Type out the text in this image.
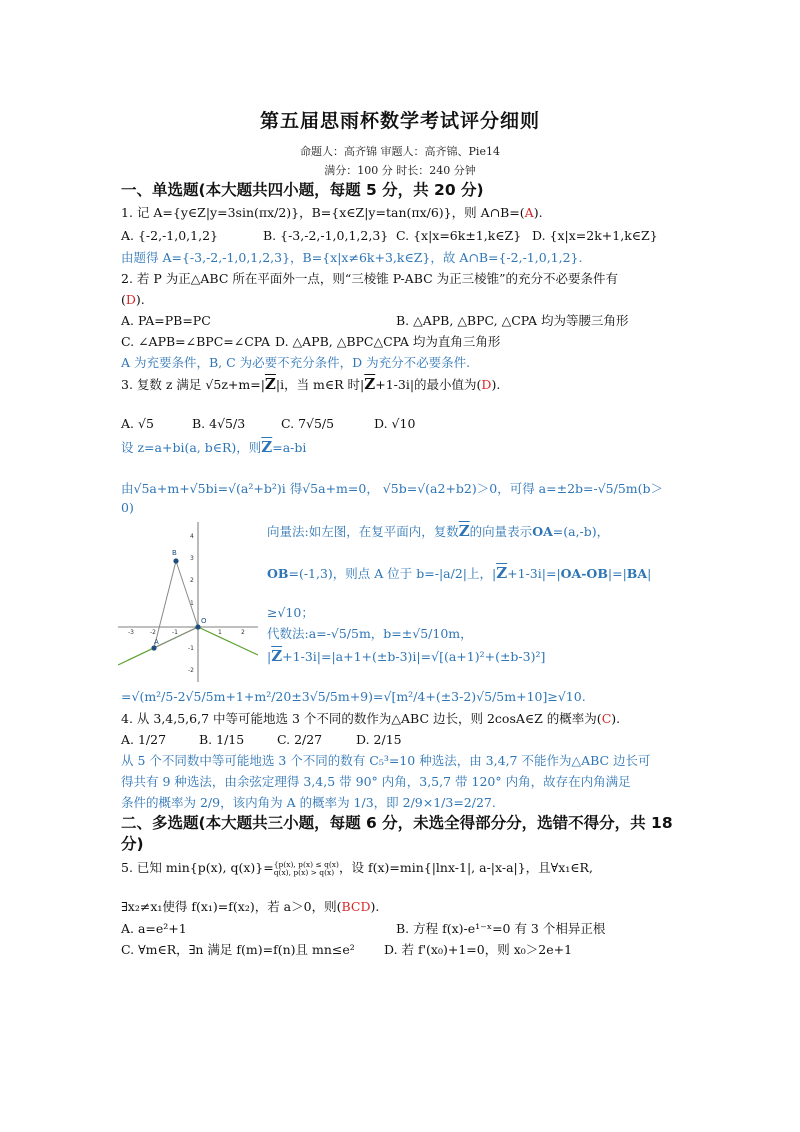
第五届思雨杯数学考试评分细则
命题人：高齐锦 审题人：高齐锦、Pie14
满分：100 分 时长：240 分钟
一、单选题(本大题共四小题，每题 5 分，共 20 分)
1. 记 A={y∈Z|y=3sin(πx/2)}，B={x∈Z|y=tan(πx/6)}，则 A∩B=(A).
A. {-2,-1,0,1,2}	B. {-3,-2,-1,0,1,2,3} C. {x|x=6k±1,k∈Z} D. {x|x=2k+1,k∈Z}
由题得 A={-3,-2,-1,0,1,2,3}，B={x|x≠6k+3,k∈Z}，故 A∩B={-2,-1,0,1,2}.
2. 若 P 为正△ABC 所在平面外一点，则“三棱锥 P-ABC 为正三棱锥”的充分不必要条件有
(D).
A. PA=PB=PC	B. △APB, △BPC, △CPA 均为等腰三角形
C. ∠APB=∠BPC=∠CPA D. △APB, △BPC△CPA 均为直角三角形
A 为充要条件，B, C 为必要不充分条件，D 为充分不必要条件.
3. 复数 z 满足 $√5z+m=|\overline{Z}|i$，当 m∈R 时$|\overline{Z}+1-3i|$的最小值为(D).
A. √5	B. 4√5/3	C. 7√5/5	D. √10
设 z=a+bi(a, b∈R)，则$\overline{Z}=a-bi$
由√5a+m+√5bi=√(a²+b²)i 得√5a+m=0， √5b=√(a2+b2)＞0，可得 a=±2b=-√5/5m(b＞
0)
-3	-2	-1	1	2
4
3
2
1
-1
-2
B
O
A
向量法:如左图，在复平面内，复数$\overline{Z}$的向量表示OA=(a,-b)，
OB=(-1,3)，则点 A 位于 b=-|a/2|上，$|\overline{Z}+1-3i|=|OA-OB|=|BA|$
≥√10；
代数法:a=-√5/5m，b=±√5/10m，
$|\overline{Z}+1-3i|=|a+1+(\pm b-3)i|=√[(a+1)^2+(\pm b-3)^2]$
=√(m²/5-2√5/5m+1+m²/20±3√5/5m+9)=√[m²/4+(±3-2)√5/5m+10]≥√10.
4. 从 3,4,5,6,7 中等可能地选 3 个不同的数作为△ABC 边长，则 2cosA∈Z 的概率为(C).
A. 1/27	B. 1/15	C. 2/27	D. 2/15
从 5 个不同数中等可能地选 3 个不同的数有 C₅³=10 种选法，由 3,4,7 不能作为△ABC 边长可
得共有 9 种选法，由余弦定理得 3,4,5 带 90° 内角，3,5,7 带 120° 内角，故存在内角满足
条件的概率为 2/9，该内角为 A 的概率为 1/3，即 2/9×1/3=2/27.
二、多选题(本大题共三小题，每题 6 分，未选全得部分分，选错不得分，共 18
分)
5. 已知 min{p(x), q(x)}={p(x), p(x) ≤ q(x)
q(x), p(x) > q(x) ，设 f(x)=min{|lnx-1|, a-|x-a|}，且∀x₁∈R,
∃x₂≠x₁使得 f(x₁)=f(x₂)，若 a＞0，则(BCD).
A. a=e²+1	B. 方程 f(x)-e¹⁻ˣ=0 有 3 个相异正根
C. ∀m∈R，∃n 满足 f(m)=f(n)且 mn≤e² D. 若 f'(x₀)+1=0，则 x₀＞2e+1
